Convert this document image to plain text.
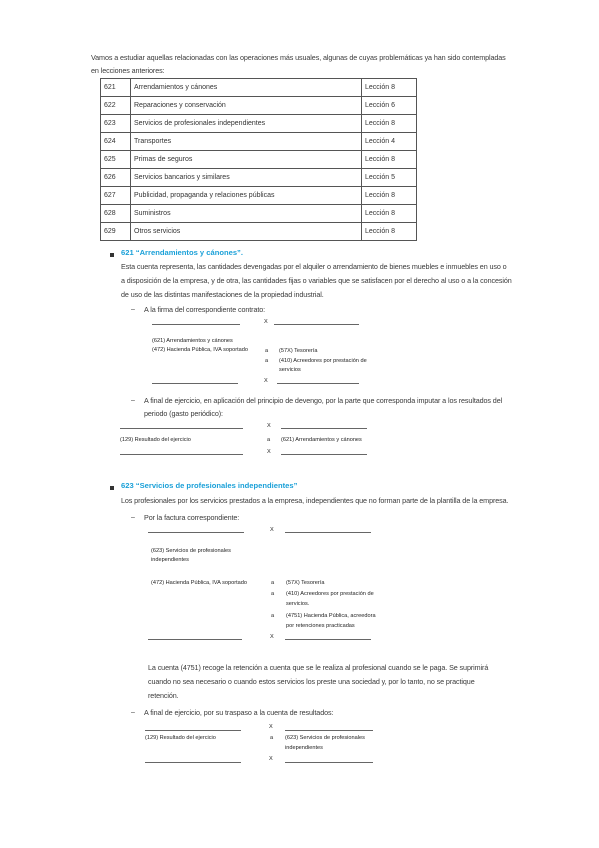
Vamos a estudiar aquellas relacionadas con las operaciones más usuales, algunas de cuyas problemáticas ya han sido contempladas
en lecciones anteriores:
621	Arrendamientos y cánones	Lección 8
622	Reparaciones y conservación	Lección 6
623	Servicios de profesionales independientes	Lección 8
624	Transportes	Lección 4
625	Primas de seguros	Lección 8
626	Servicios bancarios y similares	Lección 5
627	Publicidad, propaganda y relaciones públicas	Lección 8
628	Suministros	Lección 8
629	Otros servicios	Lección 8
621 “Arrendamientos y cánones”.
Esta cuenta representa, las cantidades devengadas por el alquiler o arrendamiento de bienes muebles e inmuebles en uso o
a disposición de la empresa, y de otra, las cantidades fijas o variables que se satisfacen por el derecho al uso o a la concesión
de uso de las distintas manifestaciones de la propiedad industrial.
– A la firma del correspondiente contrato:
X
(621) Arrendamientos y cánones
(472) Hacienda Pública, IVA soportado	a (57X) Tesorería
a (410) Acreedores por prestación de
servicios
X
– A final de ejercicio, en aplicación del principio de devengo, por la parte que corresponda imputar a los resultados del
periodo (gasto periódico):
X
(129) Resultado del ejercicio	a (621) Arrendamientos y cánones
X
623 “Servicios de profesionales independientes”
Los profesionales por los servicios prestados a la empresa, independientes que no forman parte de la plantilla de la empresa.
– Por la factura correspondiente:
X
(623) Servicios de profesionales
independientes
(472) Hacienda Pública, IVA soportado	a (57X) Tesorería
a (410) Acreedores por prestación de
servicios.
a (4751) Hacienda Pública, acreedora
por retenciones practicadas
X
La cuenta (4751) recoge la retención a cuenta que se le realiza al profesional cuando se le paga. Se suprimirá
cuando no sea necesario o cuando estos servicios los preste una sociedad y, por lo tanto, no se practique
retención.
– A final de ejercicio, por su traspaso a la cuenta de resultados:
X
(129) Resultado del ejercicio	a (623) Servicios de profesionales
independientes
X
